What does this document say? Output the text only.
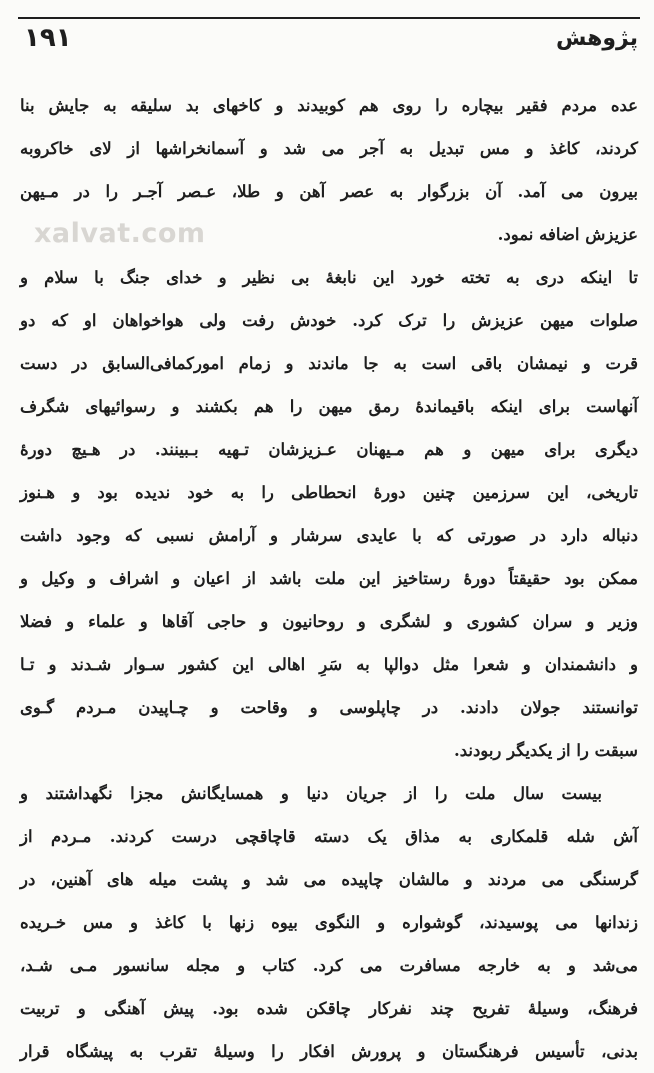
۱۹۱	پژوهش
xalvat.com
عده مردم فقیر بیچاره را روی هم کوبیدند و کاخهای بد سلیقه به جایش بنا
کردند، کاغذ و مس تبدیل به آجر می شد و آسمانخراشها از لای خاکروبه
بیرون می آمد. آن بزرگوار به عصر آهن و طلا، عـصر آجـر را در مـیهن
عزیزش اضافه نمود.
تا اینکه دری به تخته خورد این نابغهٔ بی نظیر و خدای جنگ با سلام و
صلوات میهن عزیزش را ترک کرد. خودش رفت ولی هواخواهان او که دو
قرت و نیمشان باقی است به جا ماندند و زمام امورکمافی‌السابق در دست
آنهاست برای اینکه باقیماندهٔ رمق میهن را هم بکشند و رسوائیهای شگرف
دیگری برای میهن و هم مـیهنان عـزیزشان تـهیه بـبینند. در هـیچ دورهٔ
تاریخی، این سرزمین چنین دورهٔ انحطاطی را به خود ندیده بود و هـنوز
دنباله دارد در صورتی که با عایدی سرشار و آرامش نسبی که وجود داشت
ممکن بود حقیقتاً دورهٔ رستاخیز این ملت باشد از اعیان و اشراف و وکیل و
وزیر و سران کشوری و لشگری و روحانیون و حاجی آقاها و علماء و فضلا
و دانشمندان و شعرا مثل دوالپا به سَرِ اهالی این کشور سـوار شـدند و تـا
توانستند جولان دادند. در چاپلوسی و وقاحت و چـاپیدن مـردم گـوی
سبقت را از یکدیگر ربودند.
بیست سال ملت را از جریان دنیا و همسایگانش مجزا نگهداشتند و
آش شله قلمکاری به مذاق یک دسته قاچاقچی درست کردند. مـردم از
گرسنگی می مردند و مالشان چاپیده می شد و پشت میله های آهنین، در
زندانها می پوسیدند، گوشواره و النگوی بیوه زنها با کاغذ و مس خـریده
می‌شد و به خارجه مسافرت می کرد. کتاب و مجله سانسور مـی شـد،
فرهنگ، وسیلهٔ تفریح چند نفرکار چاقکن شده بود. پیش آهنگی و تربیت
بدنی، تأسیس فرهنگستان و پرورش افکار را وسیلهٔ تقرب به پیشگاه قرار
